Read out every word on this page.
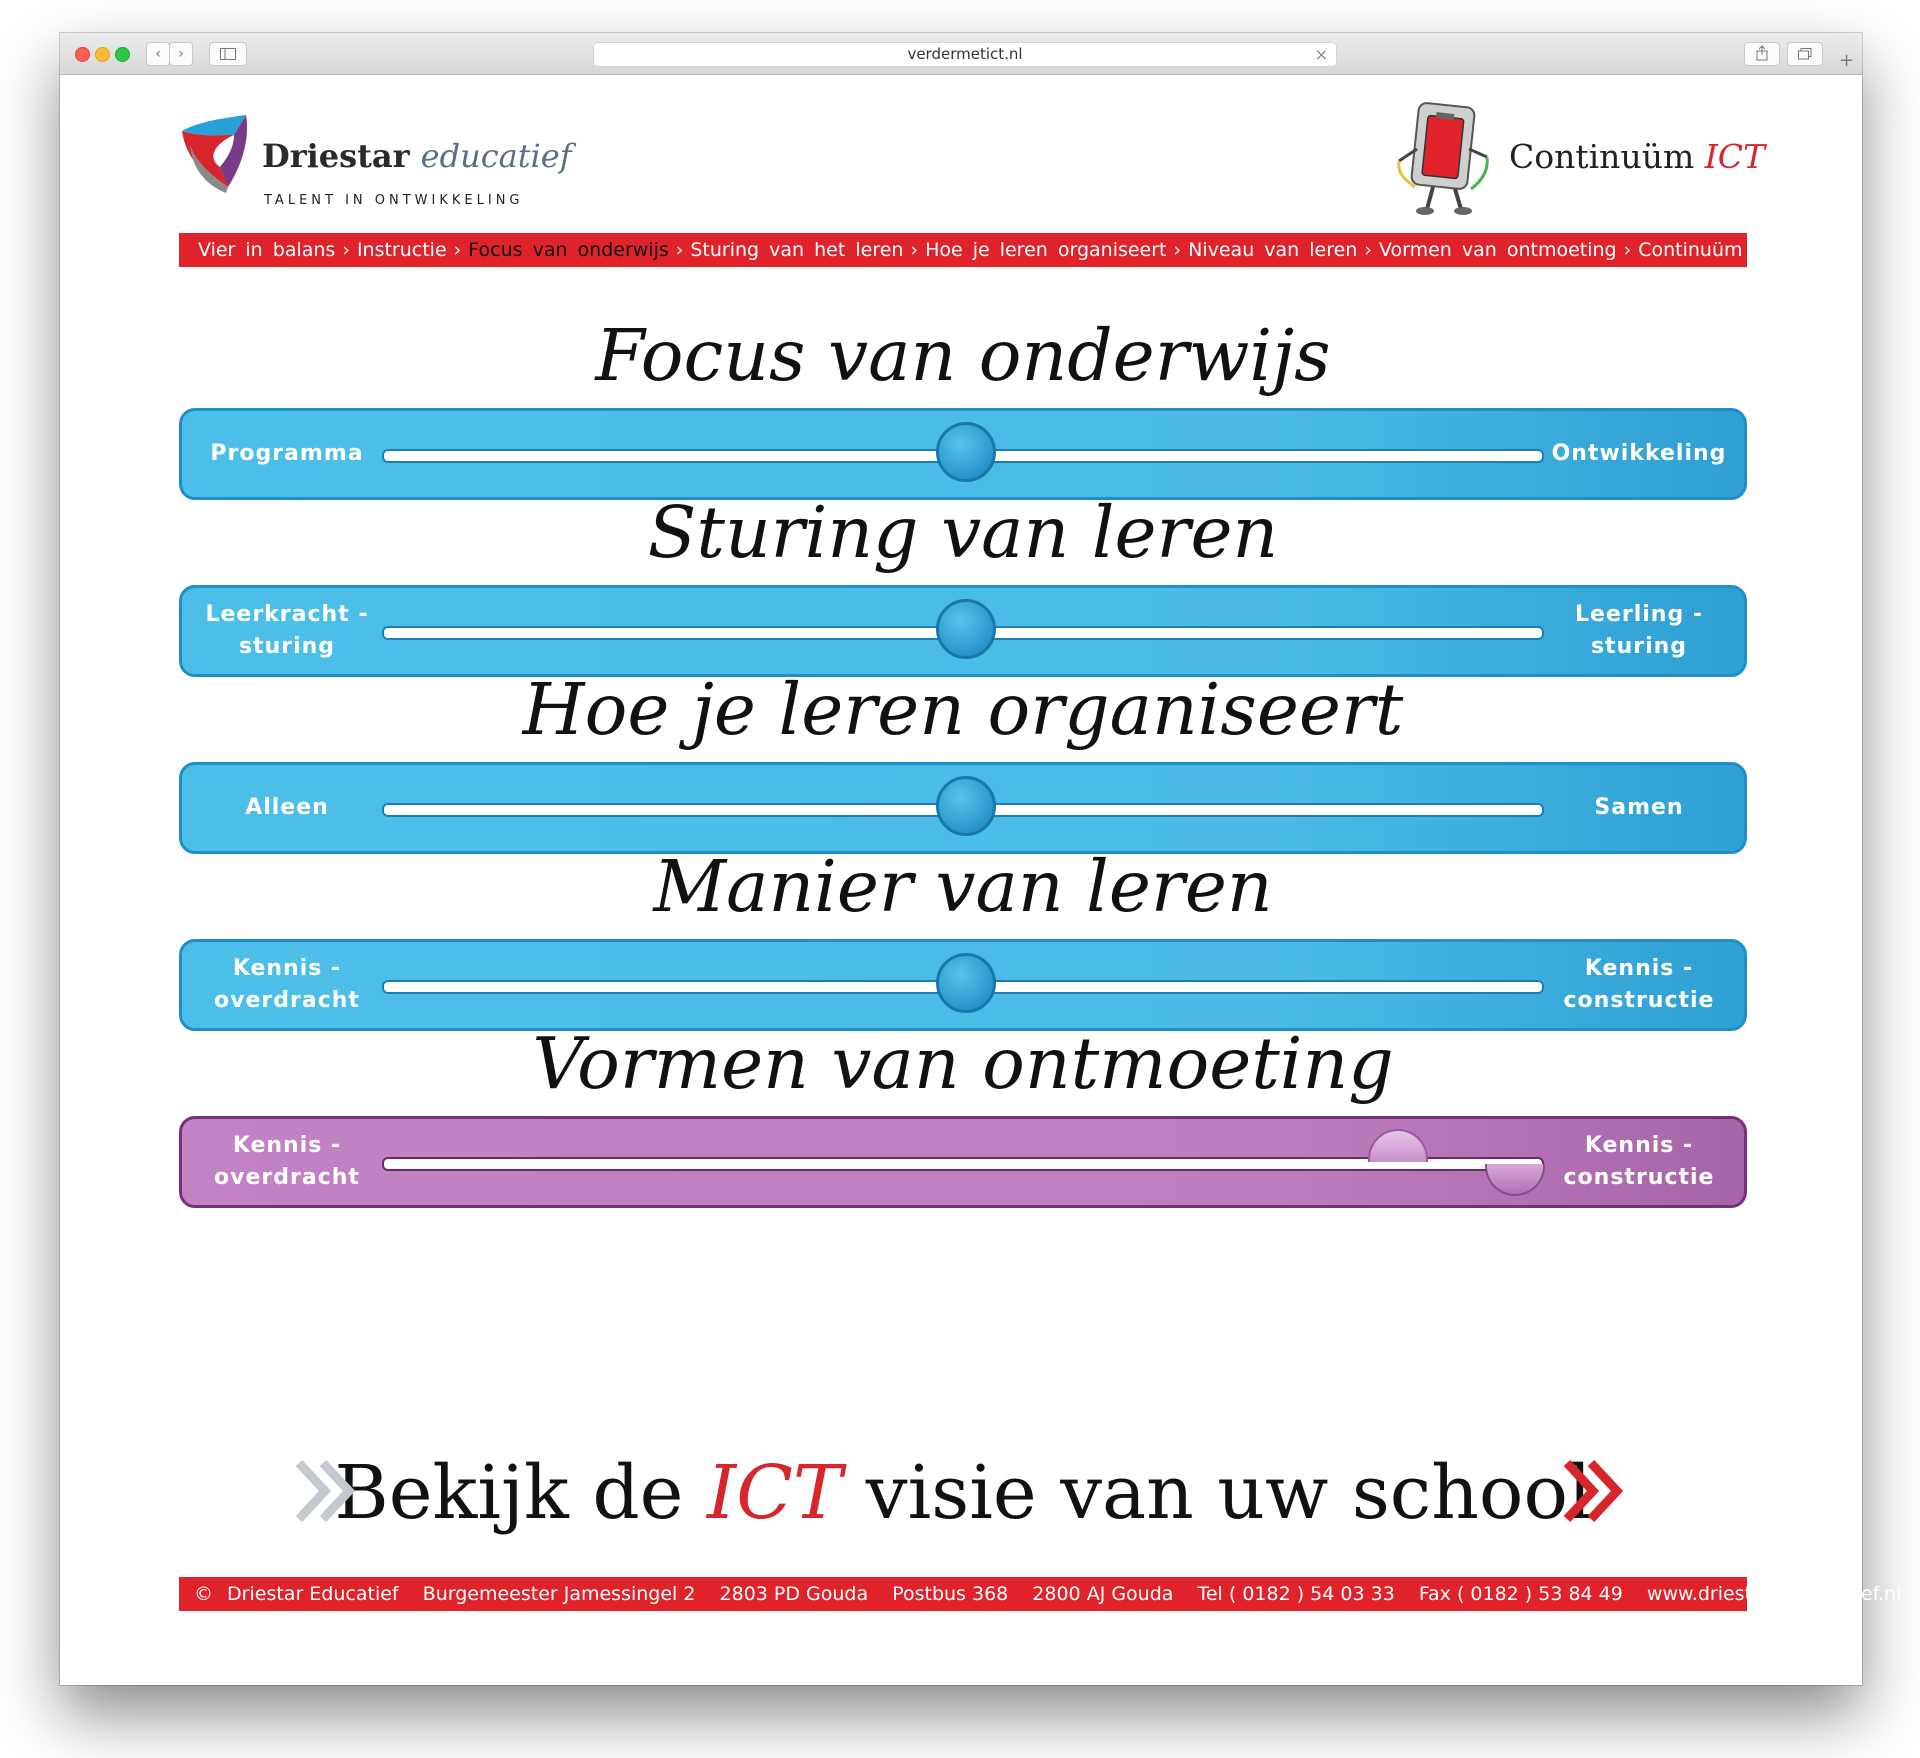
‹	›	verdermetict.nl	×	+
Driestar educatief
TALENT IN ONTWIKKELING
Continuüm ICT
Vier in balans › Instructie › Focus van onderwijs › Sturing van het leren › Hoe je leren organiseert › Niveau van leren › Vormen van ontmoeting › Continuüm ICT
Focus van onderwijs
Programma	Ontwikkeling
Sturing van leren
Leerkracht -
sturing
Leerling -
sturing
Hoe je leren organiseert
Alleen	Samen
Manier van leren
Kennis -
overdracht
Kennis -
constructie
Vormen van ontmoeting
Kennis -
overdracht
Kennis -
constructie
Bekijk de ICT visie van uw school
© Driestar Educatief Burgemeester Jamessingel 2 2803 PD Gouda Postbus 368 2800 AJ Gouda Tel ( 0182 ) 54 03 33 Fax ( 0182 ) 53 84 49 www.driestar - educatief.nl
